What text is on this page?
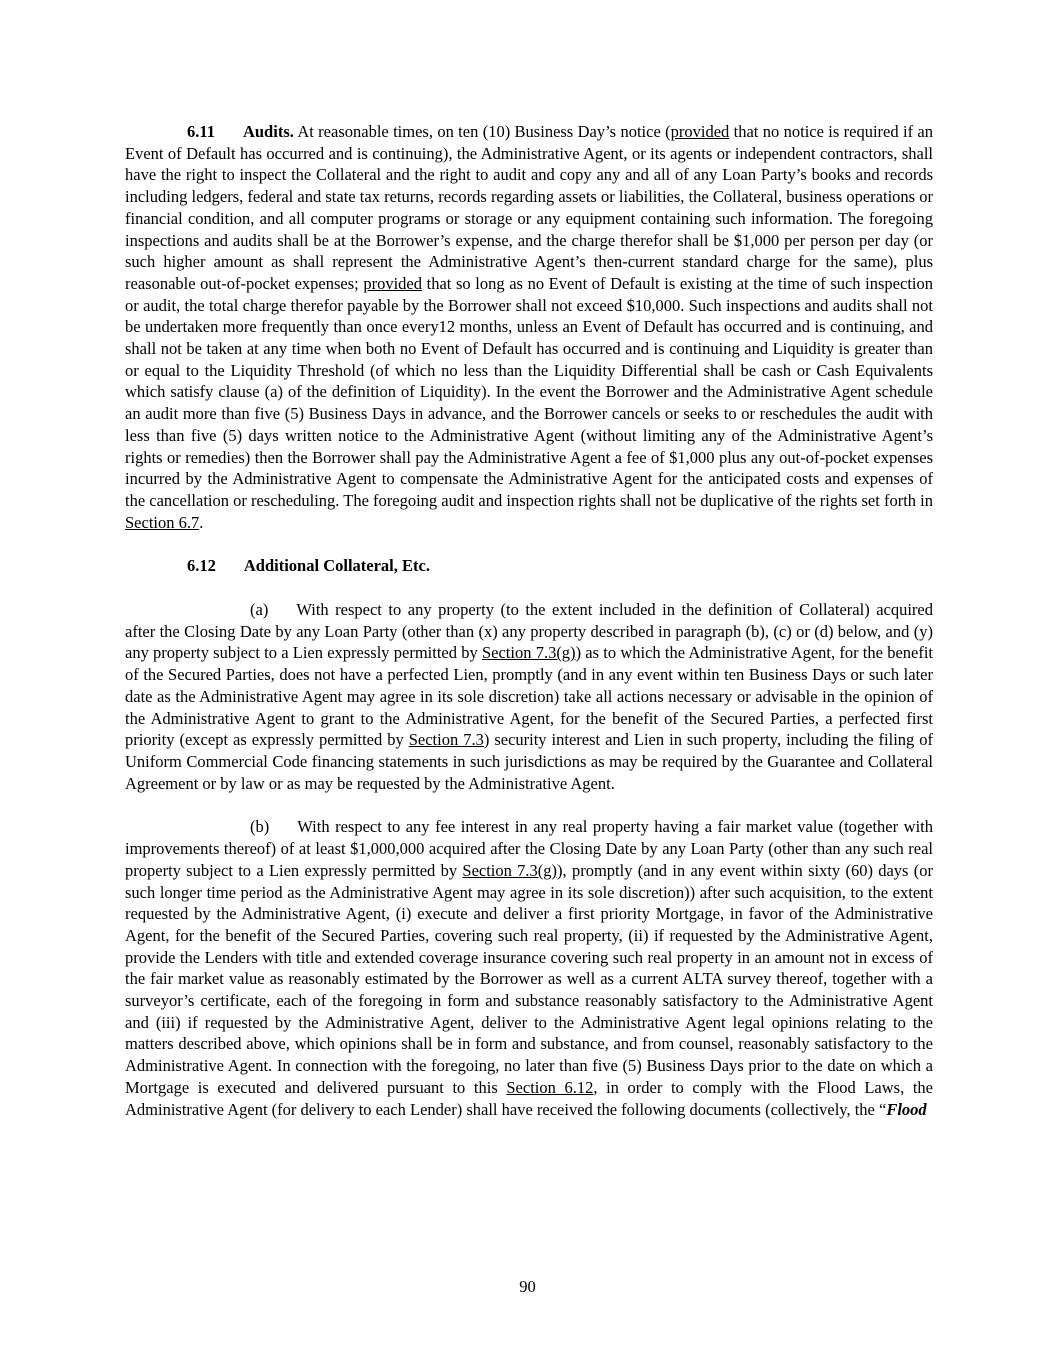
6.11 Audits. At reasonable times, on ten (10) Business Day’s notice (provided that no notice is required if an Event of Default has occurred and is continuing), the Administrative Agent, or its agents or independent contractors, shall have the right to inspect the Collateral and the right to audit and copy any and all of any Loan Party’s books and records including ledgers, federal and state tax returns, records regarding assets or liabilities, the Collateral, business operations or financial condition, and all computer programs or storage or any equipment containing such information. The foregoing inspections and audits shall be at the Borrower’s expense, and the charge therefor shall be $1,000 per person per day (or such higher amount as shall represent the Administrative Agent’s then-current standard charge for the same), plus reasonable out-of-pocket expenses; provided that so long as no Event of Default is existing at the time of such inspection or audit, the total charge therefor payable by the Borrower shall not exceed $10,000. Such inspections and audits shall not be undertaken more frequently than once every12 months, unless an Event of Default has occurred and is continuing, and shall not be taken at any time when both no Event of Default has occurred and is continuing and Liquidity is greater than or equal to the Liquidity Threshold (of which no less than the Liquidity Differential shall be cash or Cash Equivalents which satisfy clause (a) of the definition of Liquidity). In the event the Borrower and the Administrative Agent schedule an audit more than five (5) Business Days in advance, and the Borrower cancels or seeks to or reschedules the audit with less than five (5) days written notice to the Administrative Agent (without limiting any of the Administrative Agent’s rights or remedies) then the Borrower shall pay the Administrative Agent a fee of $1,000 plus any out-of-pocket expenses incurred by the Administrative Agent to compensate the Administrative Agent for the anticipated costs and expenses of the cancellation or rescheduling. The foregoing audit and inspection rights shall not be duplicative of the rights set forth in Section 6.7.

6.12 Additional Collateral, Etc.

(a) With respect to any property (to the extent included in the definition of Collateral) acquired after the Closing Date by any Loan Party (other than (x) any property described in paragraph (b), (c) or (d) below, and (y) any property subject to a Lien expressly permitted by Section 7.3(g)) as to which the Administrative Agent, for the benefit of the Secured Parties, does not have a perfected Lien, promptly (and in any event within ten Business Days or such later date as the Administrative Agent may agree in its sole discretion) take all actions necessary or advisable in the opinion of the Administrative Agent to grant to the Administrative Agent, for the benefit of the Secured Parties, a perfected first priority (except as expressly permitted by Section 7.3) security interest and Lien in such property, including the filing of Uniform Commercial Code financing statements in such jurisdictions as may be required by the Guarantee and Collateral Agreement or by law or as may be requested by the Administrative Agent.

(b) With respect to any fee interest in any real property having a fair market value (together with improvements thereof) of at least $1,000,000 acquired after the Closing Date by any Loan Party (other than any such real property subject to a Lien expressly permitted by Section 7.3(g)), promptly (and in any event within sixty (60) days (or such longer time period as the Administrative Agent may agree in its sole discretion)) after such acquisition, to the extent requested by the Administrative Agent, (i) execute and deliver a first priority Mortgage, in favor of the Administrative Agent, for the benefit of the Secured Parties, covering such real property, (ii) if requested by the Administrative Agent, provide the Lenders with title and extended coverage insurance covering such real property in an amount not in excess of the fair market value as reasonably estimated by the Borrower as well as a current ALTA survey thereof, together with a surveyor’s certificate, each of the foregoing in form and substance reasonably satisfactory to the Administrative Agent and (iii) if requested by the Administrative Agent, deliver to the Administrative Agent legal opinions relating to the matters described above, which opinions shall be in form and substance, and from counsel, reasonably satisfactory to the Administrative Agent. In connection with the foregoing, no later than five (5) Business Days prior to the date on which a Mortgage is executed and delivered pursuant to this Section 6.12, in order to comply with the Flood Laws, the Administrative Agent (for delivery to each Lender) shall have received the following documents (collectively, the “Flood

90
